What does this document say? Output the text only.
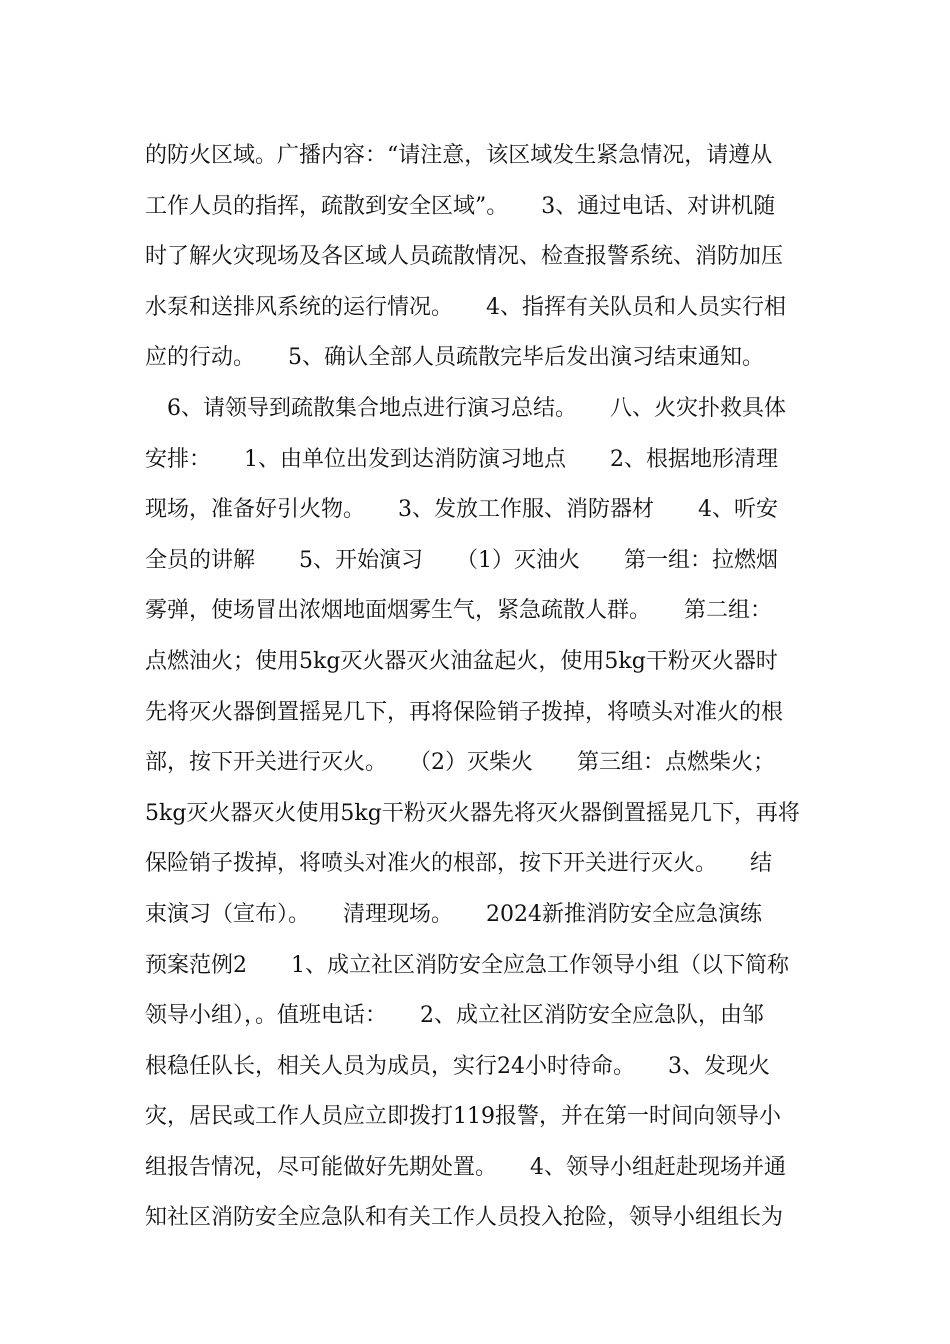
的防火区域。广播内容：“请注意，该区域发生紧急情况，请遵从
工作人员的指挥，疏散到安全区域”。　　3、通过电话、对讲机随
时了解火灾现场及各区域人员疏散情况、检查报警系统、消防加压
水泵和送排风系统的运行情况。　　4、指挥有关队员和人员实行相
应的行动。　　5、确认全部人员疏散完毕后发出演习结束通知。
　6、请领导到疏散集合地点进行演习总结。　　八、火灾扑救具体
安排：　　1、由单位出发到达消防演习地点　　2、根据地形清理
现场，准备好引火物。　　3、发放工作服、消防器材　　4、听安
全员的讲解　　5、开始演习　　（1）灭油火　　第一组：拉燃烟
雾弹，使场冒出浓烟地面烟雾生气，紧急疏散人群。　　第二组：
点燃油火；使用5kg灭火器灭火油盆起火，使用5kg干粉灭火器时
先将灭火器倒置摇晃几下，再将保险销子拨掉，将喷头对准火的根
部，按下开关进行灭火。　　（2）灭柴火　　第三组：点燃柴火；
5kg灭火器灭火使用5kg干粉灭火器先将灭火器倒置摇晃几下，再将
保险销子拨掉，将喷头对准火的根部，按下开关进行灭火。　　结
束演习（宣布）。　　清理现场。　　2024新推消防安全应急演练
预案范例2　　1、成立社区消防安全应急工作领导小组（以下简称
领导小组），。值班电话：　　2、成立社区消防安全应急队，由邹
根稳任队长，相关人员为成员，实行24小时待命。　　3、发现火
灾，居民或工作人员应立即拨打119报警，并在第一时间向领导小
组报告情况，尽可能做好先期处置。　　4、领导小组赶赴现场并通
知社区消防安全应急队和有关工作人员投入抢险，领导小组组长为
